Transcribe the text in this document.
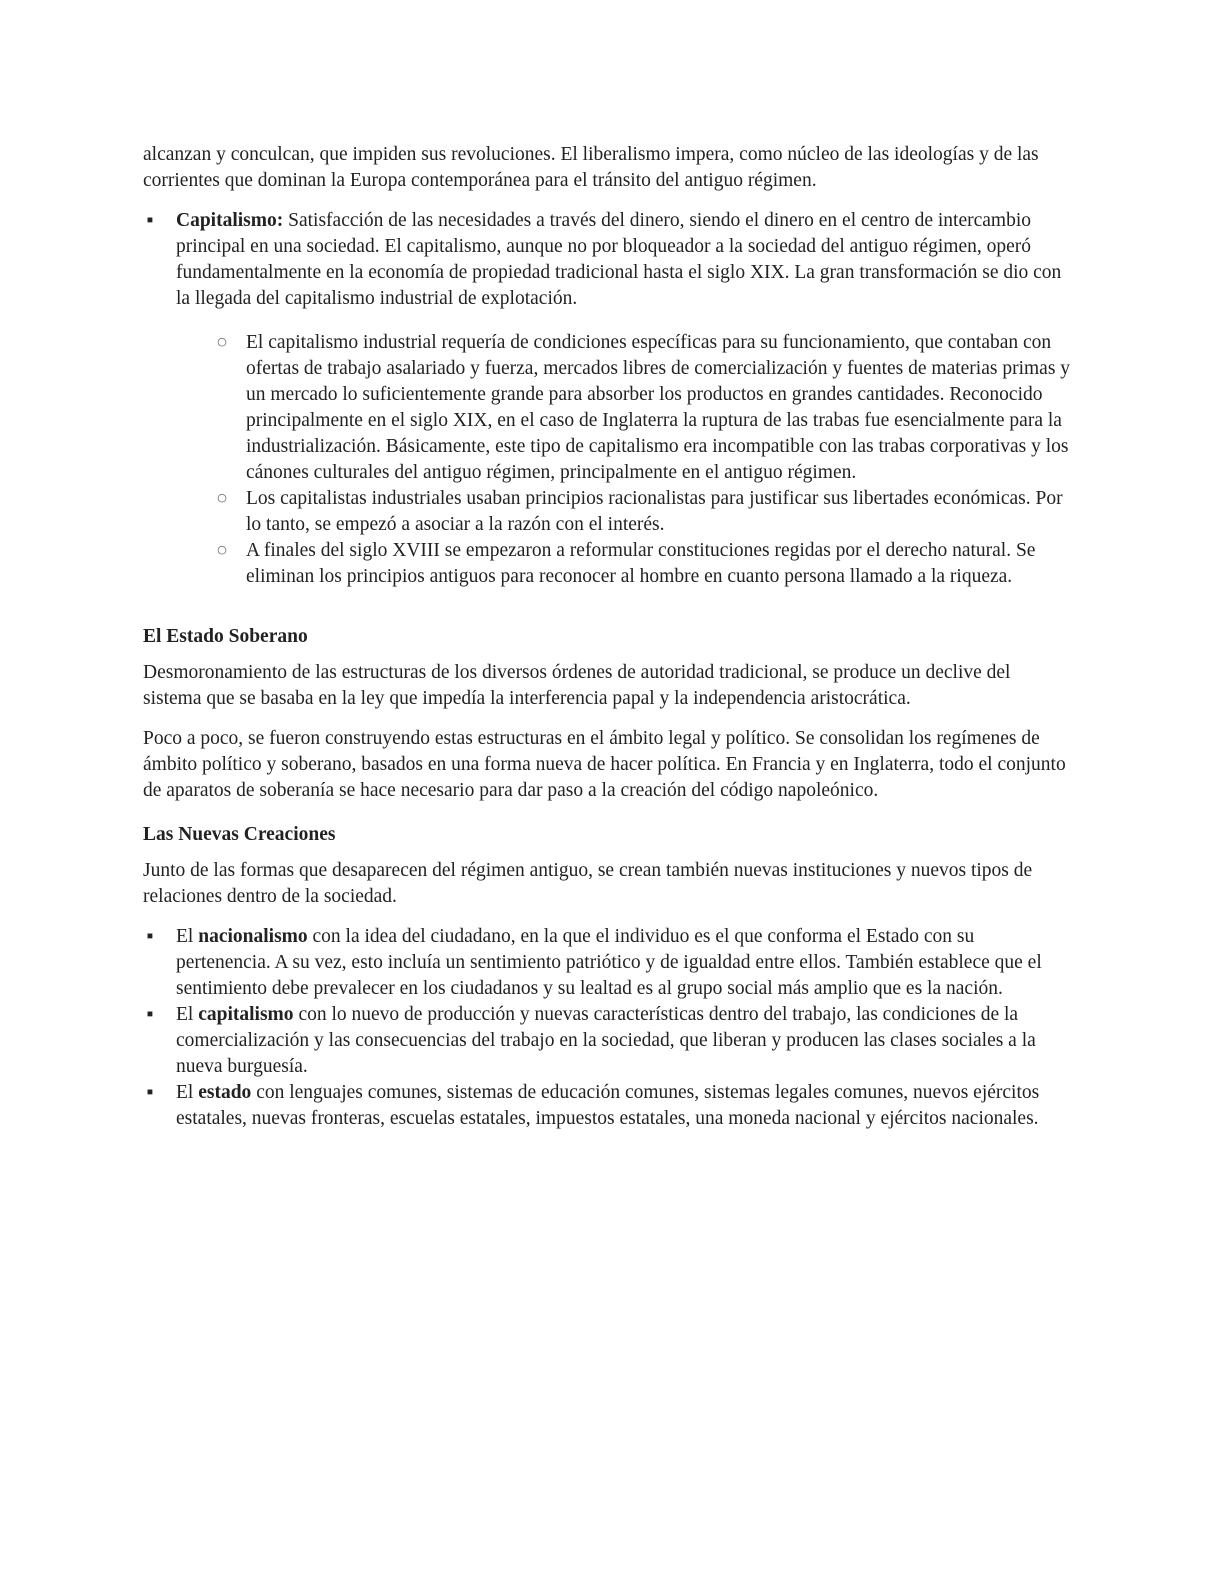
alcanzan y conculcan, que impiden sus revoluciones. El liberalismo impera, como núcleo de las ideologías y de las corrientes que dominan la Europa contemporánea para el tránsito del antiguo régimen.

▪ Capitalismo: Satisfacción de las necesidades a través del dinero, siendo el dinero en el centro de intercambio principal en una sociedad. El capitalismo, aunque no por bloqueador a la sociedad del antiguo régimen, operó fundamentalmente en la economía de propiedad tradicional hasta el siglo XIX. La gran transformación se dio con la llegada del capitalismo industrial de explotación.
○ El capitalismo industrial requería de condiciones específicas para su funcionamiento, que contaban con ofertas de trabajo asalariado y fuerza, mercados libres de comercialización y fuentes de materias primas y un mercado lo suficientemente grande para absorber los productos en grandes cantidades. Reconocido principalmente en el siglo XIX, en el caso de Inglaterra la ruptura de las trabas fue esencialmente para la industrialización. Básicamente, este tipo de capitalismo era incompatible con las trabas corporativas y los cánones culturales del antiguo régimen, principalmente en el antiguo régimen.
○ Los capitalistas industriales usaban principios racionalistas para justificar sus libertades económicas. Por lo tanto, se empezó a asociar a la razón con el interés.
○ A finales del siglo XVIII se empezaron a reformular constituciones regidas por el derecho natural. Se eliminan los principios antiguos para reconocer al hombre en cuanto persona llamado a la riqueza.
El Estado Soberano

Desmoronamiento de las estructuras de los diversos órdenes de autoridad tradicional, se produce un declive del sistema que se basaba en la ley que impedía la interferencia papal y la independencia aristocrática.

Poco a poco, se fueron construyendo estas estructuras en el ámbito legal y político. Se consolidan los regímenes de ámbito político y soberano, basados en una forma nueva de hacer política. En Francia y en Inglaterra, todo el conjunto de aparatos de soberanía se hace necesario para dar paso a la creación del código napoleónico.

Las Nuevas Creaciones

Junto de las formas que desaparecen del régimen antiguo, se crean también nuevas instituciones y nuevos tipos de relaciones dentro de la sociedad.

▪ El nacionalismo con la idea del ciudadano, en la que el individuo es el que conforma el Estado con su pertenencia. A su vez, esto incluía un sentimiento patriótico y de igualdad entre ellos. También establece que el sentimiento debe prevalecer en los ciudadanos y su lealtad es al grupo social más amplio que es la nación.
▪ El capitalismo con lo nuevo de producción y nuevas características dentro del trabajo, las condiciones de la comercialización y las consecuencias del trabajo en la sociedad, que liberan y producen las clases sociales a la nueva burguesía.
▪ El estado con lenguajes comunes, sistemas de educación comunes, sistemas legales comunes, nuevos ejércitos estatales, nuevas fronteras, escuelas estatales, impuestos estatales, una moneda nacional y ejércitos nacionales.
